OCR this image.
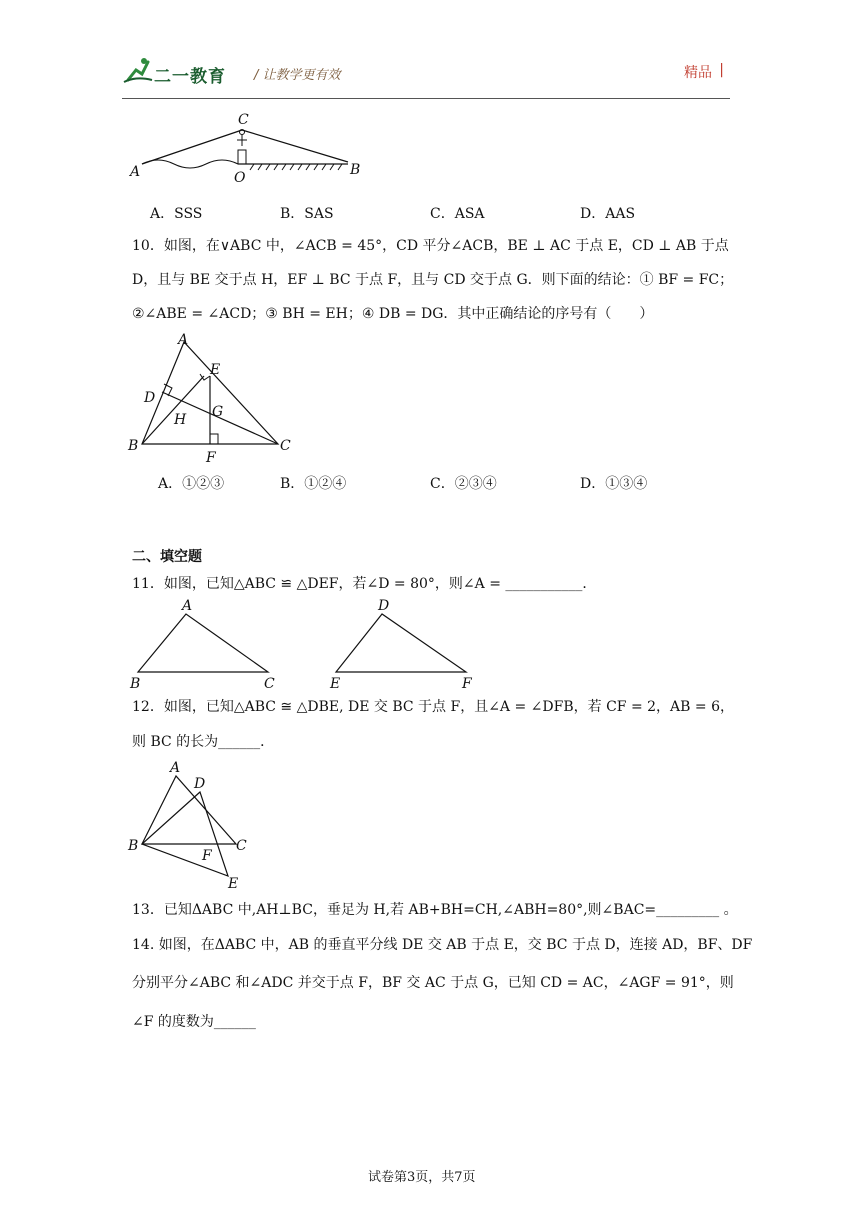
二一教育 / 让教学更有效	精品 |
C
A	O	B
A．SSS	B．SAS	C．ASA	D．AAS
10．如图，在∨ABC 中，∠ACB = 45°，CD 平分∠ACB，BE ⊥ AC 于点 E，CD ⊥ AB 于点
D，且与 BE 交于点 H，EF ⊥ BC 于点 F，且与 CD 交于点 G．则下面的结论：① BF = FC；
②∠ABE = ∠ACD；③ BH = EH；④ DB = DG．其中正确结论的序号有（　　）
A
E
D
H G
B	C
F
A．①②③	B．①②④	C．②③④	D．①③④
二、填空题
11．如图，已知△ABC ≌ △DEF，若∠D = 80°，则∠A = ___________．
A
B	C
D
E	F
12．如图，已知△ABC ≅ △DBE, DE 交 BC 于点 F，且∠A = ∠DFB，若 CF = 2，AB = 6，
则 BC 的长为______．
A
D
B	C
F
E
13．已知ΔABC 中,AH⊥BC，垂足为 H,若 AB+BH=CH,∠ABH=80°,则∠BAC=_________ 。
14. 如图，在ΔABC 中，AB 的垂直平分线 DE 交 AB 于点 E，交 BC 于点 D，连接 AD，BF、DF
分别平分∠ABC 和∠ADC 并交于点 F，BF 交 AC 于点 G，已知 CD = AC，∠AGF = 91°，则
∠F 的度数为______
试卷第3页，共7页
